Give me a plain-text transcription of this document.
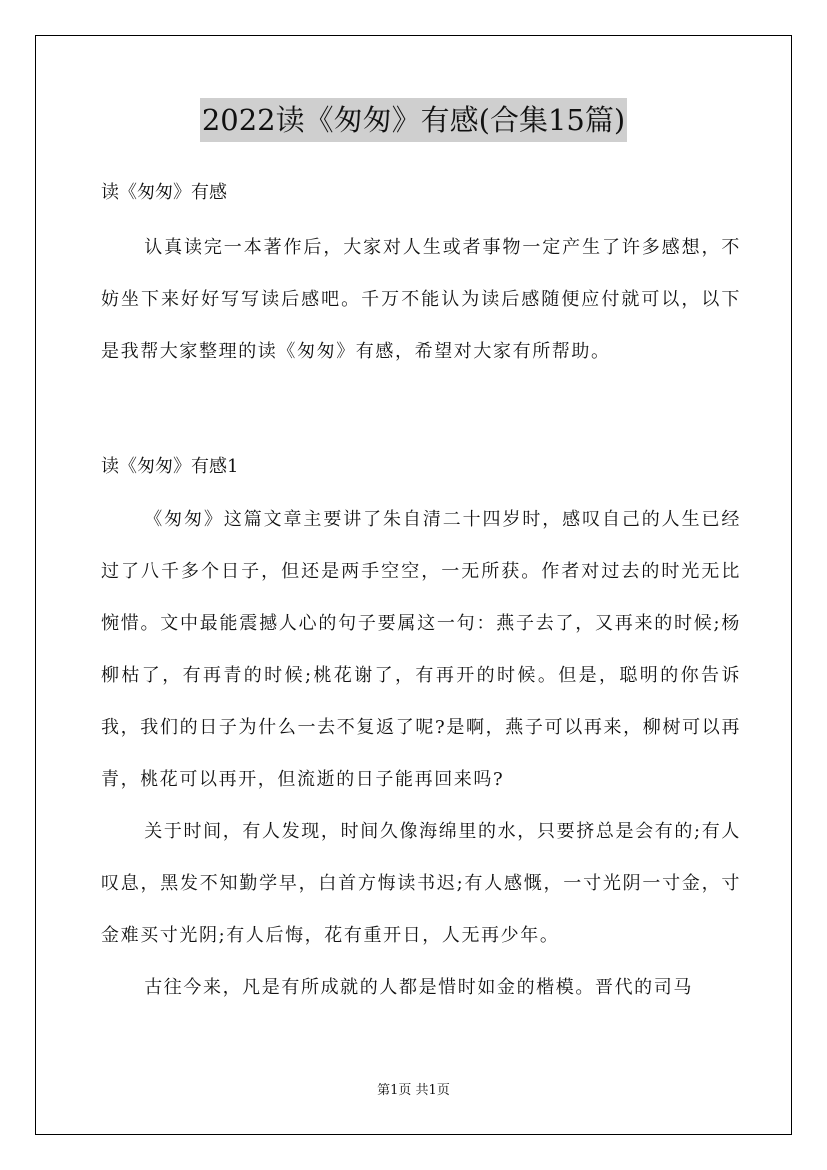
2022读《匆匆》有感(合集15篇)
读《匆匆》有感
认真读完一本著作后，大家对人生或者事物一定产生了许多感想，不妨坐下来好好写写读后感吧。千万不能认为读后感随便应付就可以，以下是我帮大家整理的读《匆匆》有感，希望对大家有所帮助。
读《匆匆》有感1
《匆匆》这篇文章主要讲了朱自清二十四岁时，感叹自己的人生已经过了八千多个日子，但还是两手空空，一无所获。作者对过去的时光无比惋惜。文中最能震撼人心的句子要属这一句：燕子去了，又再来的时候;杨柳枯了，有再青的时候;桃花谢了，有再开的时候。但是，聪明的你告诉我，我们的日子为什么一去不复返了呢?是啊，燕子可以再来，柳树可以再青，桃花可以再开，但流逝的日子能再回来吗?
关于时间，有人发现，时间久像海绵里的水，只要挤总是会有的;有人叹息，黑发不知勤学早，白首方悔读书迟;有人感慨，一寸光阴一寸金，寸金难买寸光阴;有人后悔，花有重开日，人无再少年。
古往今来，凡是有所成就的人都是惜时如金的楷模。晋代的司马
第1页 共1页
